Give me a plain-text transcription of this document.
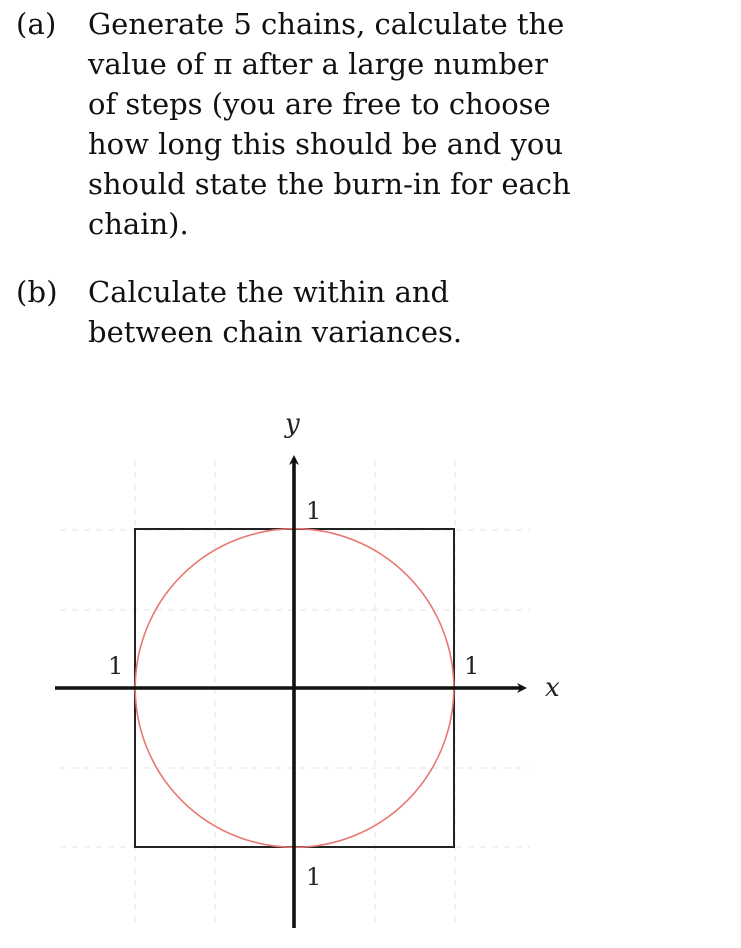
(a)	Generate 5 chains, calculate the
value of π after a large number
of steps (you are free to choose
how long this should be and you
should state the burn-in for each
chain).
(b)	Calculate the within and
between chain variances.
x
y
1
1
1	1
